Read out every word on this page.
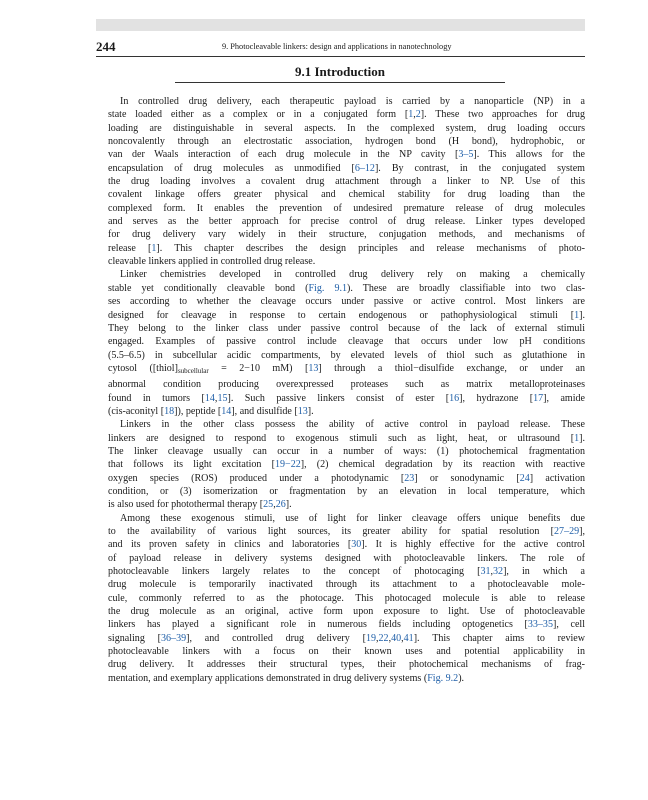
244	9. Photocleavable linkers: design and applications in nanotechnology
9.1 Introduction
In controlled drug delivery, each therapeutic payload is carried by a nanoparticle (NP) in a
state loaded either as a complex or in a conjugated form [1,2]. These two approaches for drug
loading are distinguishable in several aspects. In the complexed system, drug loading occurs
noncovalently through an electrostatic association, hydrogen bond (H bond), hydrophobic, or
van der Waals interaction of each drug molecule in the NP cavity [3–5]. This allows for the
encapsulation of drug molecules as unmodified [6–12]. By contrast, in the conjugated system
the drug loading involves a covalent drug attachment through a linker to NP. Use of this
covalent linkage offers greater physical and chemical stability for drug loading than the
complexed form. It enables the prevention of undesired premature release of drug molecules
and serves as the better approach for precise control of drug release. Linker types developed
for drug delivery vary widely in their structure, conjugation methods, and mechanisms of
release [1]. This chapter describes the design principles and release mechanisms of photo-
cleavable linkers applied in controlled drug release.
Linker chemistries developed in controlled drug delivery rely on making a chemically
stable yet conditionally cleavable bond (Fig. 9.1). These are broadly classifiable into two clas-
ses according to whether the cleavage occurs under passive or active control. Most linkers are
designed for cleavage in response to certain endogenous or pathophysiological stimuli [1].
They belong to the linker class under passive control because of the lack of external stimuli
engaged. Examples of passive control include cleavage that occurs under low pH conditions
(5.5–6.5) in subcellular acidic compartments, by elevated levels of thiol such as glutathione in
cytosol ($[thiol]_{subcellular} = 2-10$ mM) [13] through a thiol−disulfide exchange, or under an
abnormal condition producing overexpressed proteases such as matrix metalloproteinases
found in tumors [14,15]. Such passive linkers consist of ester [16], hydrazone [17], amide
(cis-aconityl [18]), peptide [14], and disulfide [13].
Linkers in the other class possess the ability of active control in payload release. These
linkers are designed to respond to exogenous stimuli such as light, heat, or ultrasound [1].
The linker cleavage usually can occur in a number of ways: (1) photochemical fragmentation
that follows its light excitation [19−22], (2) chemical degradation by its reaction with reactive
oxygen species (ROS) produced under a photodynamic [23] or sonodynamic [24] activation
condition, or (3) isomerization or fragmentation by an elevation in local temperature, which
is also used for photothermal therapy [25,26].
Among these exogenous stimuli, use of light for linker cleavage offers unique benefits due
to the availability of various light sources, its greater ability for spatial resolution [27–29],
and its proven safety in clinics and laboratories [30]. It is highly effective for the active control
of payload release in delivery systems designed with photocleavable linkers. The role of
photocleavable linkers largely relates to the concept of photocaging [31,32], in which a
drug molecule is temporarily inactivated through its attachment to a photocleavable mole-
cule, commonly referred to as the photocage. This photocaged molecule is able to release
the drug molecule as an original, active form upon exposure to light. Use of photocleavable
linkers has played a significant role in numerous fields including optogenetics [33–35], cell
signaling [36–39], and controlled drug delivery [19,22,40,41]. This chapter aims to review
photocleavable linkers with a focus on their known uses and potential applicability in
drug delivery. It addresses their structural types, their photochemical mechanisms of frag-
mentation, and exemplary applications demonstrated in drug delivery systems (Fig. 9.2).
